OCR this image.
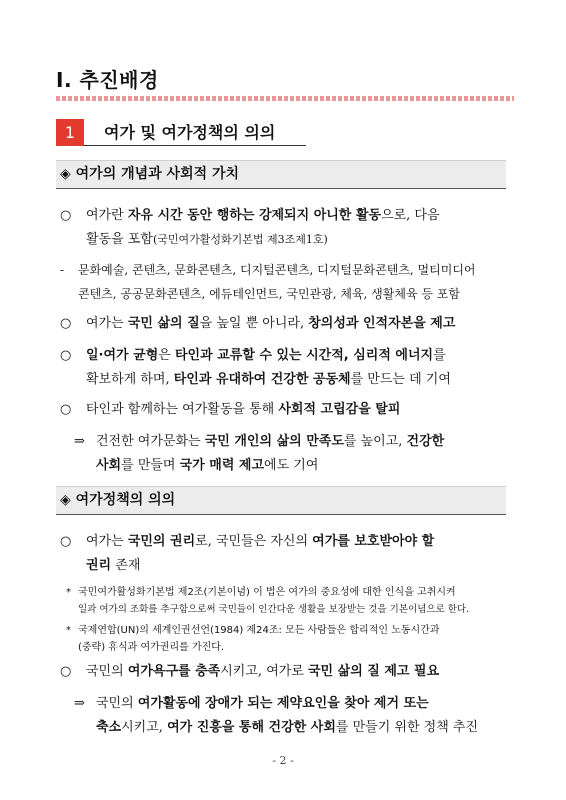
Ⅰ. 추진배경
1	여가 및 여가정책의 의의
◈ 여가의 개념과 사회적 가치
○ 여가란 자유 시간 동안 행하는 강제되지 아니한 활동으로, 다음
활동을 포함(국민여가활성화기본법 제3조제1호)
- 문화예술, 콘텐츠, 문화콘텐츠, 디지털콘텐츠, 디지털문화콘텐츠, 멀티미디어
콘텐츠, 공공문화콘텐츠, 에듀테인먼트, 국민관광, 체육, 생활체육 등 포함
○ 여가는 국민 삶의 질을 높일 뿐 아니라, 창의성과 인적자본을 제고
○ 일·여가 균형은 타인과 교류할 수 있는 시간적, 심리적 에너지를
확보하게 하며, 타인과 유대하여 건강한 공동체를 만드는 데 기여
○ 타인과 함께하는 여가활동을 통해 사회적 고립감을 탈피
⇒ 건전한 여가문화는 국민 개인의 삶의 만족도를 높이고, 건강한
사회를 만들며 국가 매력 제고에도 기여
◈ 여가정책의 의의
○ 여가는 국민의 권리로, 국민들은 자신의 여가를 보호받아야 할
권리 존재
* 국민여가활성화기본법 제2조(기본이념) 이 법은 여가의 중요성에 대한 인식을 고취시켜
일과 여가의 조화를 추구함으로써 국민들이 인간다운 생활을 보장받는 것을 기본이념으로 한다.
* 국제연합(UN)의 세계인권선언(1984) 제24조: 모든 사람들은 합리적인 노동시간과
(중략) 휴식과 여가권리를 가진다.
○ 국민의 여가욕구를 충족시키고, 여가로 국민 삶의 질 제고 필요
⇒ 국민의 여가활동에 장애가 되는 제약요인을 찾아 제거 또는
축소시키고, 여가 진흥을 통해 건강한 사회를 만들기 위한 정책 추진
- 2 -
